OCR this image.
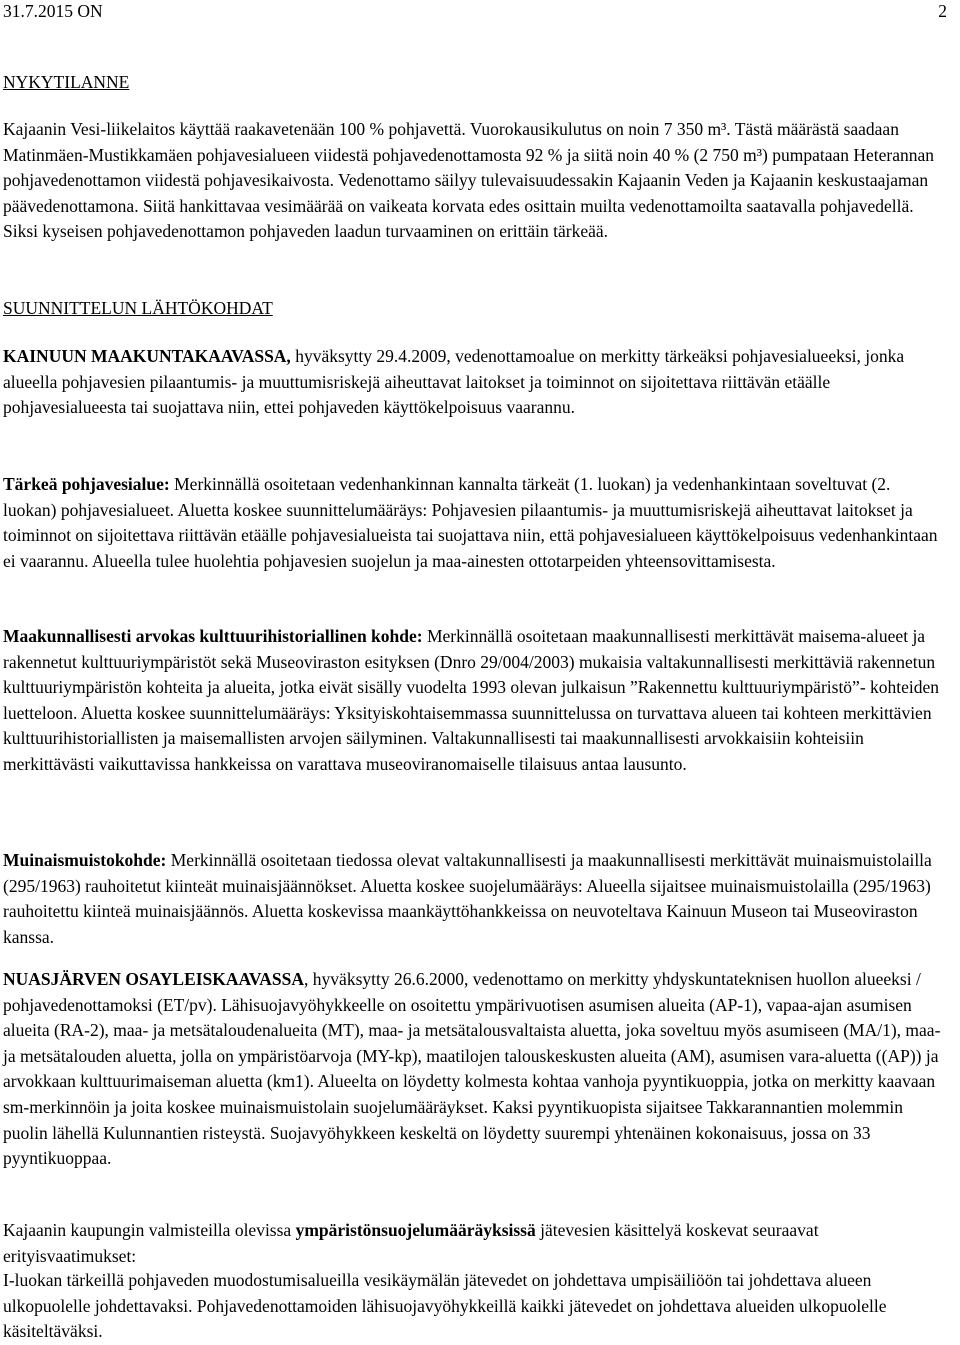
31.7.2015 ON	2
NYKYTILANNE

Kajaanin Vesi-liikelaitos käyttää raakavetenään 100 % pohjavettä. Vuorokausikulutus on noin 7 350 m³. Tästä määrästä saadaan Matinmäen-Mustikkamäen pohjavesialueen viidestä pohjavedenottamosta 92 % ja siitä noin 40 % (2 750 m³) pumpataan Heterannan pohjavedenottamon viidestä pohjavesikaivosta. Vedenottamo säilyy tulevaisuudessakin Kajaanin Veden ja Kajaanin keskustaajaman päävedenottamona. Siitä hankittavaa vesimäärää on vaikeata korvata edes osittain muilta vedenottamoilta saatavalla pohjavedellä. Siksi kyseisen pohjavedenottamon pohjaveden laadun turvaaminen on erittäin tärkeää.

SUUNNITTELUN LÄHTÖKOHDAT

KAINUUN MAAKUNTAKAAVASSA, hyväksytty 29.4.2009, vedenottamoalue on merkitty tärkeäksi pohjavesialueeksi, jonka alueella pohjavesien pilaantumis- ja muuttumisriskejä aiheuttavat laitokset ja toiminnot on sijoitettava riittävän etäälle pohjavesialueesta tai suojattava niin, ettei pohjaveden käyttökelpoisuus vaarannu.

Tärkeä pohjavesialue: Merkinnällä osoitetaan vedenhankinnan kannalta tärkeät (1. luokan) ja vedenhankintaan soveltuvat (2. luokan) pohjavesialueet. Aluetta koskee suunnittelumääräys: Pohjavesien pilaantumis- ja muuttumisriskejä aiheuttavat laitokset ja toiminnot on sijoitettava riittävän etäälle pohjavesialueista tai suojattava niin, että pohjavesialueen käyttökelpoisuus vedenhankintaan ei vaarannu. Alueella tulee huolehtia pohjavesien suojelun ja maa-ainesten ottotarpeiden yhteensovittamisesta.

Maakunnallisesti arvokas kulttuurihistoriallinen kohde: Merkinnällä osoitetaan maakunnallisesti merkittävät maisema-alueet ja rakennetut kulttuuriympäristöt sekä Museoviraston esityksen (Dnro 29/004/2003) mukaisia valtakunnallisesti merkittäviä rakennetun kulttuuriympäristön kohteita ja alueita, jotka eivät sisälly vuodelta 1993 olevan julkaisun ”Rakennettu kulttuuriympäristö”- kohteiden luetteloon. Aluetta koskee suunnittelumääräys: Yksityiskohtaisemmassa suunnittelussa on turvattava alueen tai kohteen merkittävien kulttuurihistoriallisten ja maisemallisten arvojen säilyminen. Valtakunnallisesti tai maakunnallisesti arvokkaisiin kohteisiin merkittävästi vaikuttavissa hankkeissa on varattava museoviranomaiselle tilaisuus antaa lausunto.

Muinaismuistokohde: Merkinnällä osoitetaan tiedossa olevat valtakunnallisesti ja maakunnallisesti merkittävät muinaismuistolailla (295/1963) rauhoitetut kiinteät muinaisjäännökset. Aluetta koskee suojelumääräys: Alueella sijaitsee muinaismuistolailla (295/1963) rauhoitettu kiinteä muinaisjäännös. Aluetta koskevissa maankäyttöhankkeissa on neuvoteltava Kainuun Museon tai Museoviraston kanssa.

NUASJÄRVEN OSAYLEISKAAVASSA, hyväksytty 26.6.2000, vedenottamo on merkitty yhdyskuntateknisen huollon alueeksi / pohjavedenottamoksi (ET/pv). Lähisuojavyöhykkeelle on osoitettu ympärivuotisen asumisen alueita (AP-1), vapaa-ajan asumisen alueita (RA-2), maa- ja metsätaloudenalueita (MT), maa- ja metsätalousvaltaista aluetta, joka soveltuu myös asumiseen (MA/1), maa- ja metsätalouden aluetta, jolla on ympäristöarvoja (MY-kp), maatilojen talouskeskusten alueita (AM), asumisen vara-aluetta ((AP)) ja arvokkaan kulttuurimaiseman aluetta (km1). Alueelta on löydetty kolmesta kohtaa vanhoja pyyntikuoppia, jotka on merkitty kaavaan sm-merkinnöin ja joita koskee muinaismuistolain suojelumääräykset. Kaksi pyyntikuopista sijaitsee Takkarannantien molemmin puolin lähellä Kulunnantien risteystä. Suojavyöhykkeen keskeltä on löydetty suurempi yhtenäinen kokonaisuus, jossa on 33 pyyntikuoppaa.

Kajaanin kaupungin valmisteilla olevissa ympäristönsuojelumääräyksissä jätevesien käsittelyä koskevat seuraavat erityisvaatimukset:

I-luokan tärkeillä pohjaveden muodostumisalueilla vesikäymälän jätevedet on johdettava umpisäiliöön tai johdettava alueen ulkopuolelle johdettavaksi. Pohjavedenottamoiden lähisuojavyöhykkeillä kaikki jätevedet on johdettava alueiden ulkopuolelle käsiteltäväksi.
